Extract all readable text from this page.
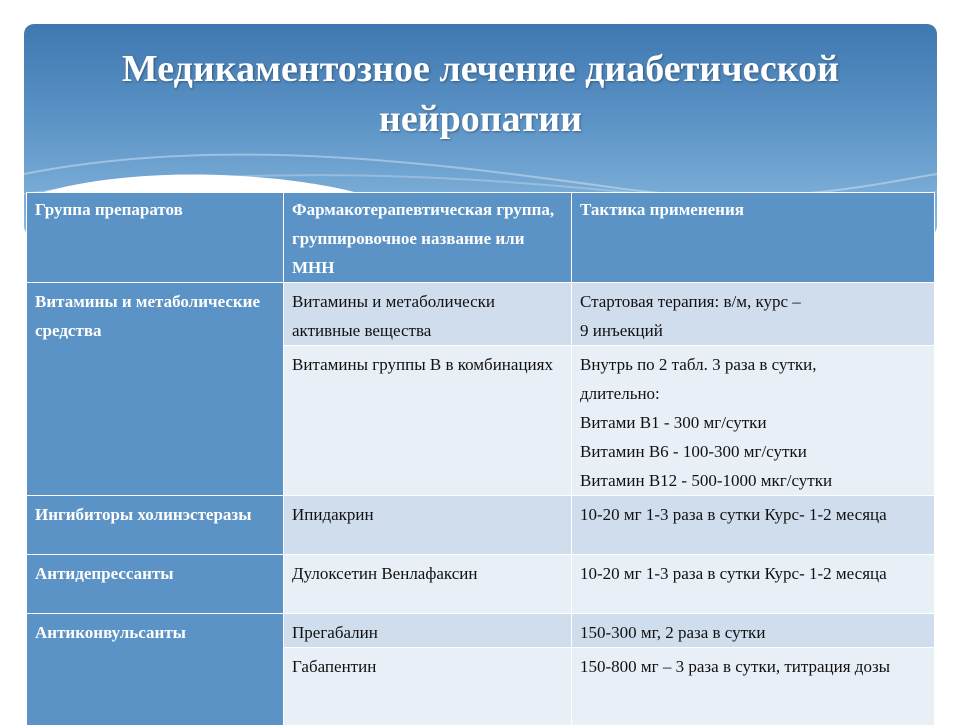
Медикаментозное лечение диабетической нейропатии
Группа препаратов	Фармакотерапевтическая группа, группировочное название или МНН	Тактика применения
Витамины и метаболические средства	Витамины и метаболически активные вещества	Стартовая терапия: в/м, курс –
9 инъекций

	Витамины группы В в комбинациях	Внутрь по 2 табл. 3 раза в сутки,
длительно:
Витами В1 - 300 мг/сутки
Витамин В6 - 100-300 мг/сутки
Витамин В12 - 500-1000 мкг/сутки

Ингибиторы холинэстеразы	Ипидакрин	10-20 мг 1-3 раза в сутки Курс- 1-2 месяца
Антидепрессанты	Дулоксетин Венлафаксин	10-20 мг 1-3 раза в сутки Курс- 1-2 месяца
Антиконвульсанты	Прегабалин	150-300 мг, 2 раза в сутки
	Габапентин	150-800 мг – 3 раза в сутки, титрация дозы
